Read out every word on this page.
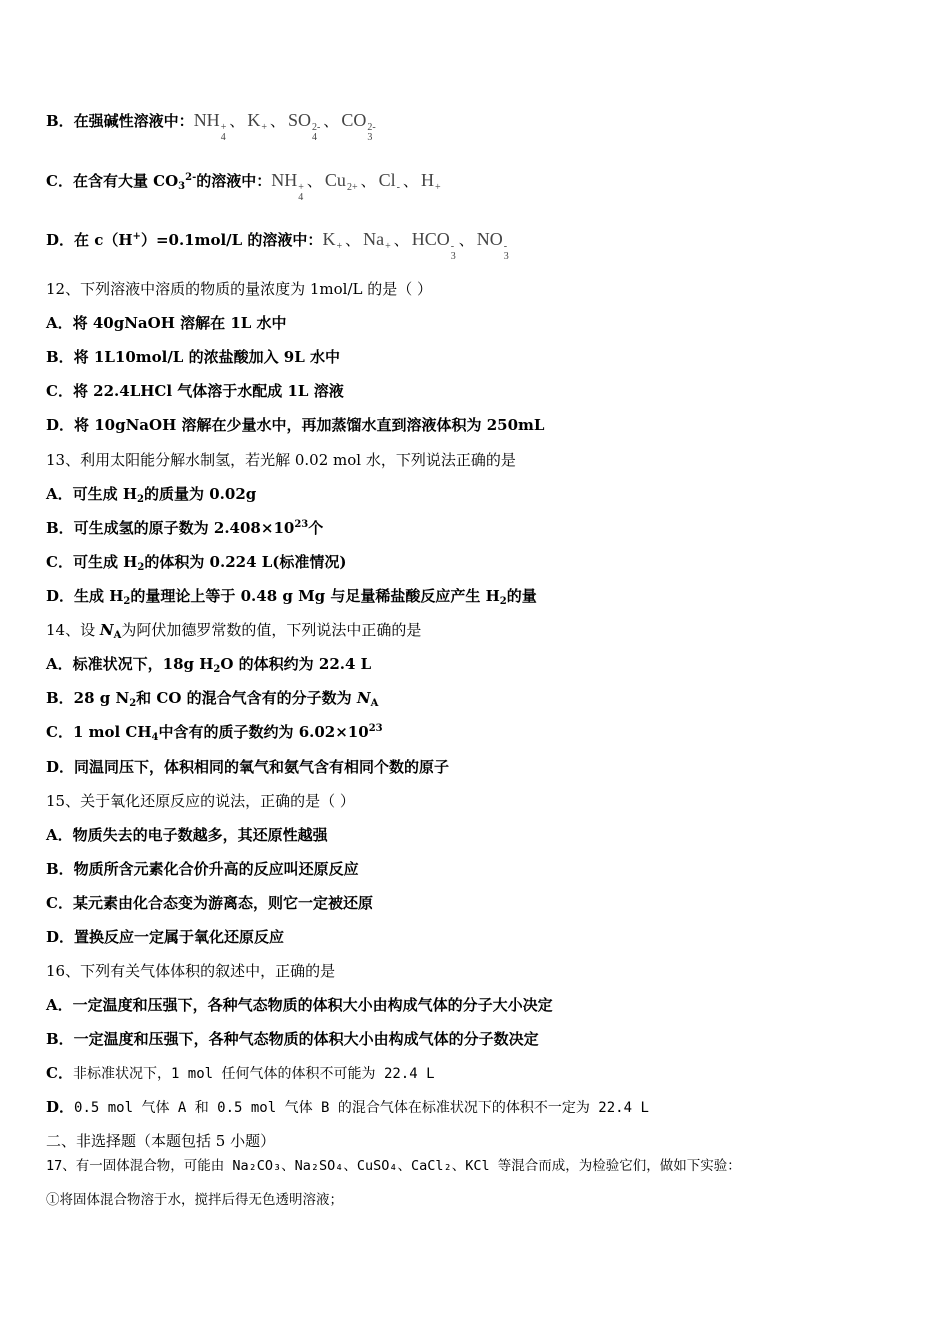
B．在强碱性溶液中：NH +
4
、 K + 、 SO 2-
4
、 CO 2-
3
C．在含有大量 $CO_3^{2-}$的溶液中：NH +
4
、 Cu 2+ 、 Cl - 、 H +
D．在 c（H+）=0.1mol/L 的溶液中：K + 、 Na + 、 HCO -
3
、 NO -
3
12、下列溶液中溶质的物质的量浓度为 1mol/L 的是（ ）
A．将 40gNaOH 溶解在 1L 水中
B．将 1L10mol/L 的浓盐酸加入 9L 水中
C．将 22.4LHCl 气体溶于水配成 1L 溶液
D．将 10gNaOH 溶解在少量水中，再加蒸馏水直到溶液体积为 250mL
13、利用太阳能分解水制氢，若光解 0.02 mol 水，下列说法正确的是
A．可生成 $H_2$的质量为 0.02g
B．可生成氢的原子数为 $2.408\times 10^{23}$个
C．可生成 $H_2$的体积为 0.224 L(标准情况)
D．生成 $H_2$的量理论上等于 0.48 g Mg 与足量稀盐酸反应产生 $H_2$的量
14、设 $N_A$为阿伏加德罗常数的值，下列说法中正确的是
A．标准状况下，18g $H_2O$ 的体积约为 22.4 L
B．28 g $N_2$和 CO 的混合气含有的分子数为 $N_A$
C．1 mol $CH_4$中含有的质子数约为 $6.02\times 10^{23}$
D．同温同压下，体积相同的氧气和氨气含有相同个数的原子
15、关于氧化还原反应的说法，正确的是（ ）
A．物质失去的电子数越多，其还原性越强
B．物质所含元素化合价升高的反应叫还原反应
C．某元素由化合态变为游离态，则它一定被还原
D．置换反应一定属于氧化还原反应
16、下列有关气体体积的叙述中，正确的是
A．一定温度和压强下，各种气态物质的体积大小由构成气体的分子大小决定
B．一定温度和压强下，各种气态物质的体积大小由构成气体的分子数决定
C．非标准状况下，1 mol 任何气体的体积不可能为 22.4 L
D．0.5 mol 气体 A 和 0.5 mol 气体 B 的混合气体在标准状况下的体积不一定为 22.4 L
二、非选择题（本题包括 5 小题）
17、有一固体混合物，可能由 Na₂CO₃、Na₂SO₄、CuSO₄、CaCl₂、KCl 等混合而成，为检验它们，做如下实验：
①将固体混合物溶于水，搅拌后得无色透明溶液；
